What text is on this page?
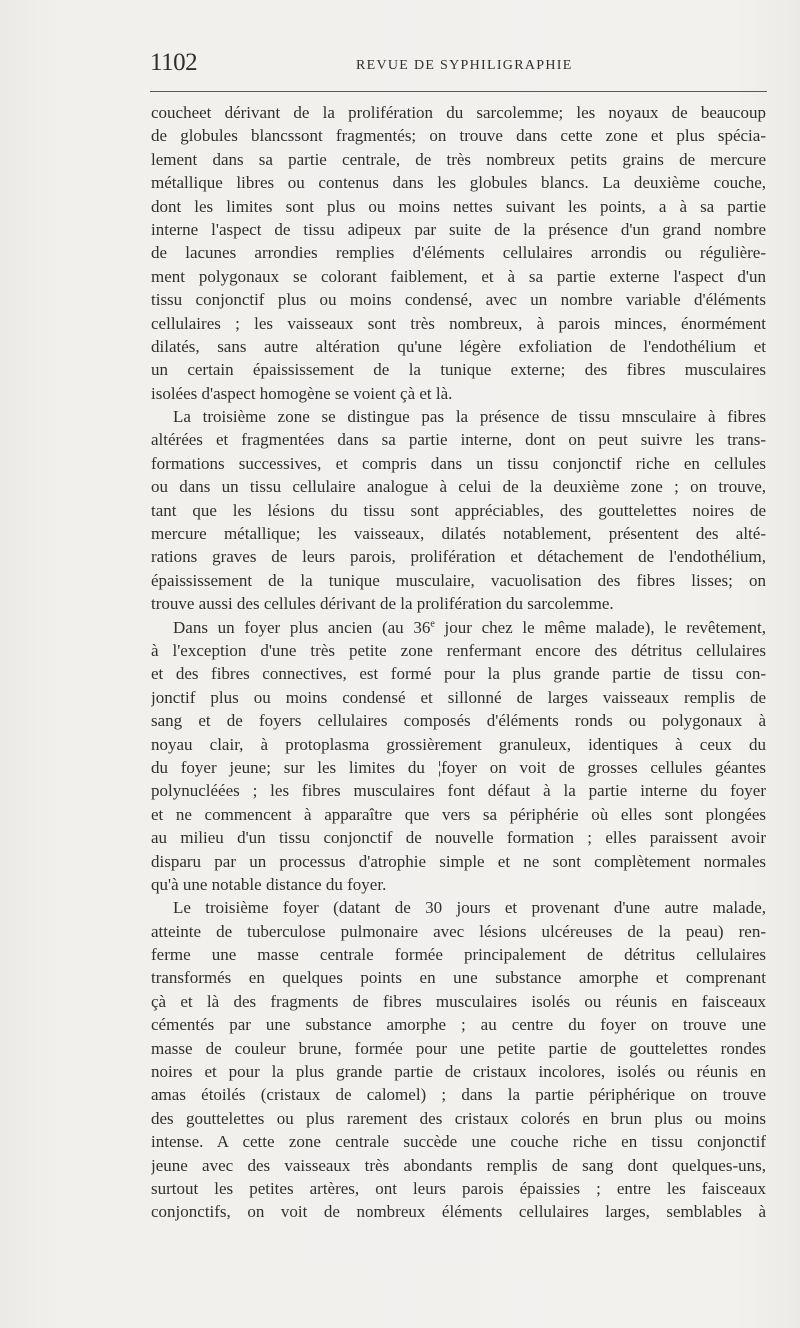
1102	REVUE DE SYPHILIGRAPHIE
coucheet dérivant de la prolifération du sarcolemme; les noyaux de beaucoup
de globules blancssont fragmentés; on trouve dans cette zone et plus spécia-
lement dans sa partie centrale, de très nombreux petits grains de mercure
métallique libres ou contenus dans les globules blancs. La deuxième couche,
dont les limites sont plus ou moins nettes suivant les points, a à sa partie
interne l'aspect de tissu adipeux par suite de la présence d'un grand nombre
de lacunes arrondies remplies d'éléments cellulaires arrondis ou régulière-
ment polygonaux se colorant faiblement, et à sa partie externe l'aspect d'un
tissu conjonctif plus ou moins condensé, avec un nombre variable d'éléments
cellulaires ; les vaisseaux sont très nombreux, à parois minces, énormément
dilatés, sans autre altération qu'une légère exfoliation de l'endothélium et
un certain épaississement de la tunique externe; des fibres musculaires
isolées d'aspect homogène se voient çà et là.
La troisième zone se distingue pas la présence de tissu mnsculaire à fibres
altérées et fragmentées dans sa partie interne, dont on peut suivre les trans-
formations successives, et compris dans un tissu conjonctif riche en cellules
ou dans un tissu cellulaire analogue à celui de la deuxième zone ; on trouve,
tant que les lésions du tissu sont appréciables, des gouttelettes noires de
mercure métallique; les vaisseaux, dilatés notablement, présentent des alté-
rations graves de leurs parois, prolifération et détachement de l'endothélium,
épaississement de la tunique musculaire, vacuolisation des fibres lisses; on
trouve aussi des cellules dérivant de la prolifération du sarcolemme.
Dans un foyer plus ancien (au 36e jour chez le même malade), le revêtement,
à l'exception d'une très petite zone renfermant encore des détritus cellulaires
et des fibres connectives, est formé pour la plus grande partie de tissu con-
jonctif plus ou moins condensé et sillonné de larges vaisseaux remplis de
sang et de foyers cellulaires composés d'éléments ronds ou polygonaux à
noyau clair, à protoplasma grossièrement granuleux, identiques à ceux du
du foyer jeune; sur les limites du ¦foyer on voit de grosses cellules géantes
polynucléées ; les fibres musculaires font défaut à la partie interne du foyer
et ne commencent à apparaître que vers sa périphérie où elles sont plongées
au milieu d'un tissu conjonctif de nouvelle formation ; elles paraissent avoir
disparu par un processus d'atrophie simple et ne sont complètement normales
qu'à une notable distance du foyer.
Le troisième foyer (datant de 30 jours et provenant d'une autre malade,
atteinte de tuberculose pulmonaire avec lésions ulcéreuses de la peau) ren-
ferme une masse centrale formée principalement de détritus cellulaires
transformés en quelques points en une substance amorphe et comprenant
çà et là des fragments de fibres musculaires isolés ou réunis en faisceaux
cémentés par une substance amorphe ; au centre du foyer on trouve une
masse de couleur brune, formée pour une petite partie de gouttelettes rondes
noires et pour la plus grande partie de cristaux incolores, isolés ou réunis en
amas étoilés (cristaux de calomel) ; dans la partie périphérique on trouve
des gouttelettes ou plus rarement des cristaux colorés en brun plus ou moins
intense. A cette zone centrale succède une couche riche en tissu conjonctif
jeune avec des vaisseaux très abondants remplis de sang dont quelques-uns,
surtout les petites artères, ont leurs parois épaissies ; entre les faisceaux
conjonctifs, on voit de nombreux éléments cellulaires larges, semblables à
